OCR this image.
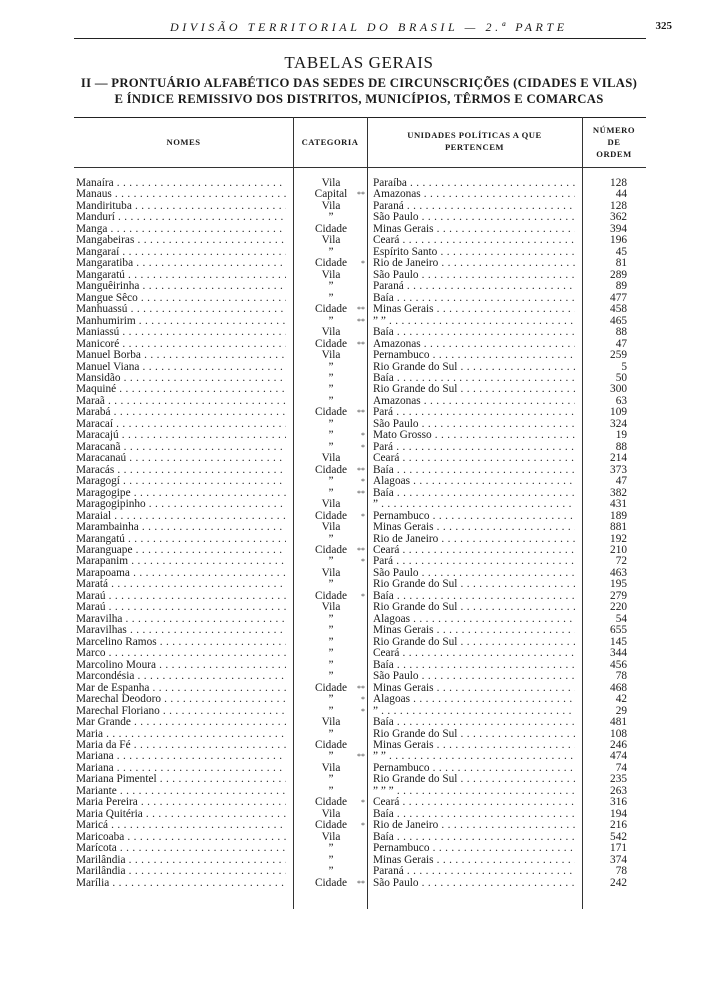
DIVISÃO TERRITORIAL DO BRASIL — 2.ª PARTE	325
TABELAS GERAIS
II — PRONTUÁRIO ALFABÉTICO DAS SEDES DE CIRCUNSCRIÇÕES (CIDADES E VILAS)
E ÍNDICE REMISSIVO DOS DISTRITOS, MUNICÍPIOS, TÊRMOS E COMARCAS
NOMES	CATEGORIA
UNIDADES POLÍTICAS A QUE
PERTENCEM
NÚMERO
DE
ORDEM
Manaíra . . .	Vila	Paraíba . . .	128
Manaus . . .	Capital	** Amazonas . . .	44
Mandirituba . . .	Vila	Paraná . . .	128
Mandurí . . .	”	São Paulo . . .	362
Manga . . .	Cidade	Minas Gerais . . .	394
Mangabeiras . . .	Vila	Ceará . . .	196
Mangaraí . . .	”	Espírito Santo . . .	45
Mangaratiba . . .	Cidade	* Rio de Janeiro . . .	81
Mangaratú . . .	Vila	São Paulo . . .	289
Manguêirinha . . .	”	Paraná . . .	89
Mangue Sêco . . .	”	Baía . . .	477
Manhuassú . . .	Cidade	** Minas Gerais . . .	458
Manhumirim . . .	”	** ” ” . . .	465
Maniassú . . .	Vila	Baía . . .	88
Manicoré . . .	Cidade	** Amazonas . . .	47
Manuel Borba . . .	Vila	Pernambuco . . .	259
Manuel Viana . . .	”	Rio Grande do Sul . . .	5
Mansidão . . .	”	Baía . . .	50
Maquiné . . .	”	Rio Grande do Sul . . .	300
Maraã . . .	”	Amazonas . . .	63
Marabá . . .	Cidade	** Pará . . .	109
Maracaí . . .	”	São Paulo . . .	324
Maracajú . . .	”	* Mato Grosso . . .	19
Maracanã . . .	”	* Pará . . .	88
Maracanaú . . .	Vila	Ceará . . .	214
Maracás . . .	Cidade	** Baía . . .	373
Maragogí . . .	”	* Alagoas . . .	47
Maragogipe . . .	”	** Baía . . .	382
Maragogipinho . . .	Vila	” . . .	431
Maraial . . .	Cidade	* Pernambuco . . .	189
Marambainha . . .	Vila	Minas Gerais . . .	881
Marangatú . . .	”	Rio de Janeiro . . .	192
Maranguape . . .	Cidade	** Ceará . . .	210
Marapanim . . .	”	* Pará . . .	72
Marapoama . . .	Vila	São Paulo . . .	463
Maratá . . .	”	Rio Grande do Sul . . .	195
Maraú . . .	Cidade	* Baía . . .	279
Maraú . . .	Vila	Rio Grande do Sul . . .	220
Maravilha . . .	”	Alagoas . . .	54
Maravilhas . . .	”	Minas Gerais . . .	655
Marcelino Ramos . . .	”	Rio Grande do Sul . . .	145
Marco . . .	”	Ceará . . .	344
Marcolino Moura . . .	”	Baía . . .	456
Marcondésia . . .	”	São Paulo . . .	78
Mar de Espanha . . .	Cidade	** Minas Gerais . . .	468
Marechal Deodoro . . .	”	* Alagoas . . .	42
Marechal Floriano . . .	”	* ” . . .	29
Mar Grande . . .	Vila	Baía . . .	481
Maria . . .	”	Rio Grande do Sul . . .	108
Maria da Fé . . .	Cidade	Minas Gerais . . .	246
Mariana . . .	”	** ” ” . . .	474
Mariana . . .	Vila	Pernambuco . . .	74
Mariana Pimentel . . .	”	Rio Grande do Sul . . .	235
Mariante . . .	”	” ” ” . . .	263
Maria Pereira . . .	Cidade	* Ceará . . .	316
Maria Quitéria . . .	Vila	Baía . . .	194
Maricá . . .	Cidade	* Rio de Janeiro . . .	216
Maricoaba . . .	Vila	Baía . . .	542
Marícota . . .	”	Pernambuco . . .	171
Marilândia . . .	”	Minas Gerais . . .	374
Marilândia . . .	”	Paraná . . .	78
Marília . . .	Cidade	** São Paulo . . .	242
